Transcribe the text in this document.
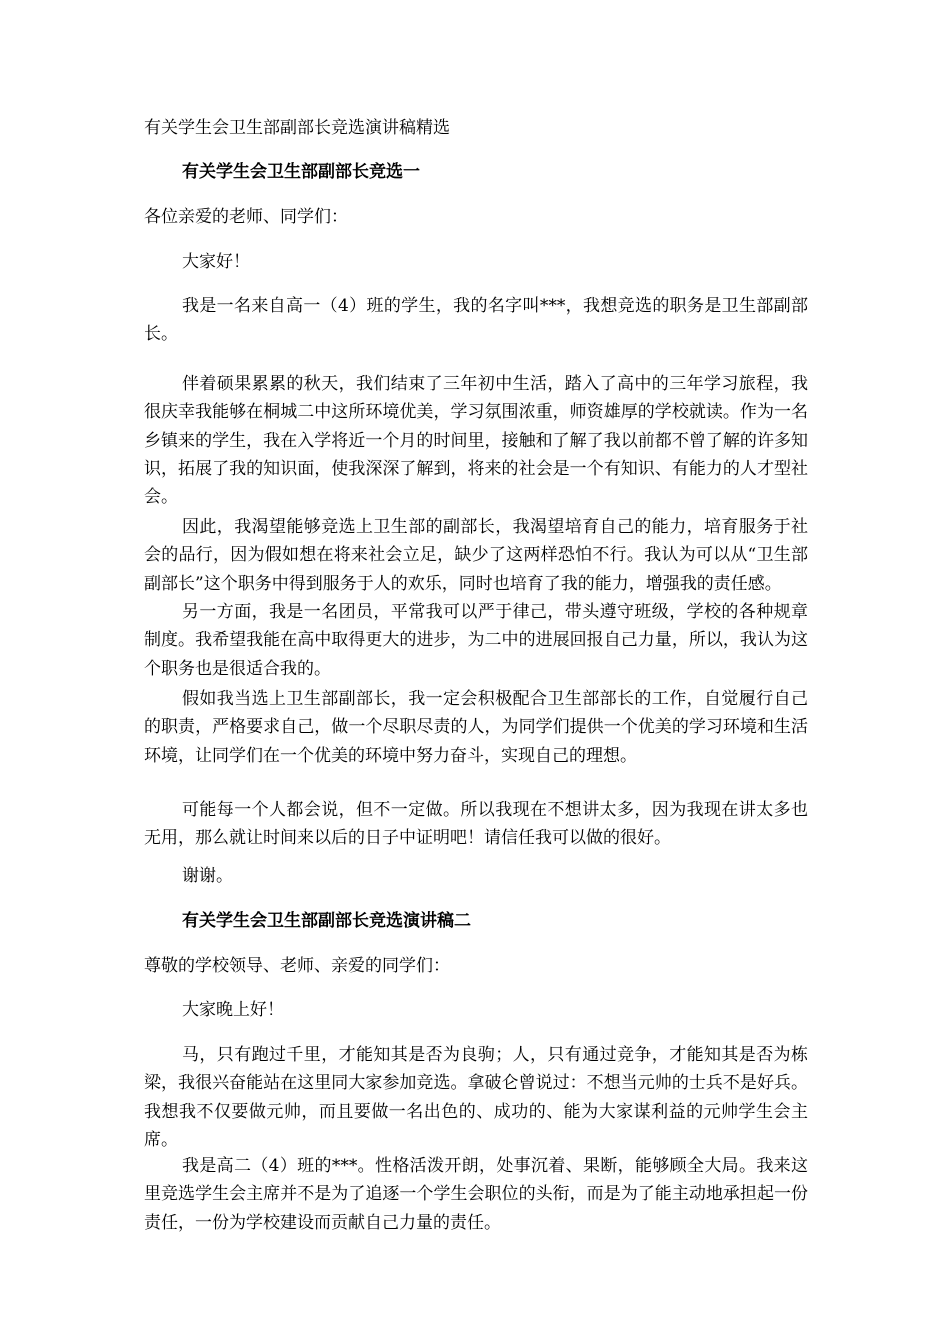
有关学生会卫生部副部长竞选演讲稿精选

有关学生会卫生部副部长竞选一

各位亲爱的老师、同学们：

大家好！

我是一名来自高一（4）班的学生，我的名字叫***，我想竞选的职务是卫生部副部长。

伴着硕果累累的秋天，我们结束了三年初中生活，踏入了高中的三年学习旅程，我很庆幸我能够在桐城二中这所环境优美，学习氛围浓重，师资雄厚的学校就读。作为一名乡镇来的学生，我在入学将近一个月的时间里，接触和了解了我以前都不曾了解的许多知识，拓展了我的知识面，使我深深了解到，将来的社会是一个有知识、有能力的人才型社会。

因此，我渴望能够竞选上卫生部的副部长，我渴望培育自己的能力，培育服务于社会的品行，因为假如想在将来社会立足，缺少了这两样恐怕不行。我认为可以从“卫生部副部长”这个职务中得到服务于人的欢乐，同时也培育了我的能力，增强我的责任感。

另一方面，我是一名团员，平常我可以严于律己，带头遵守班级，学校的各种规章制度。我希望我能在高中取得更大的进步，为二中的进展回报自己力量，所以，我认为这个职务也是很适合我的。

假如我当选上卫生部副部长，我一定会积极配合卫生部部长的工作，自觉履行自己的职责，严格要求自己，做一个尽职尽责的人，为同学们提供一个优美的学习环境和生活环境，让同学们在一个优美的环境中努力奋斗，实现自己的理想。

可能每一个人都会说，但不一定做。所以我现在不想讲太多，因为我现在讲太多也无用，那么就让时间来以后的日子中证明吧！请信任我可以做的很好。

谢谢。

有关学生会卫生部副部长竞选演讲稿二

尊敬的学校领导、老师、亲爱的同学们：

大家晚上好！

马，只有跑过千里，才能知其是否为良驹；人，只有通过竞争，才能知其是否为栋梁，我很兴奋能站在这里同大家参加竞选。拿破仑曾说过：不想当元帅的士兵不是好兵。我想我不仅要做元帅，而且要做一名出色的、成功的、能为大家谋利益的元帅学生会主席。

我是高二（4）班的***。性格活泼开朗，处事沉着、果断，能够顾全大局。我来这里竞选学生会主席并不是为了追逐一个学生会职位的头衔，而是为了能主动地承担起一份责任，一份为学校建设而贡献自己力量的责任。
